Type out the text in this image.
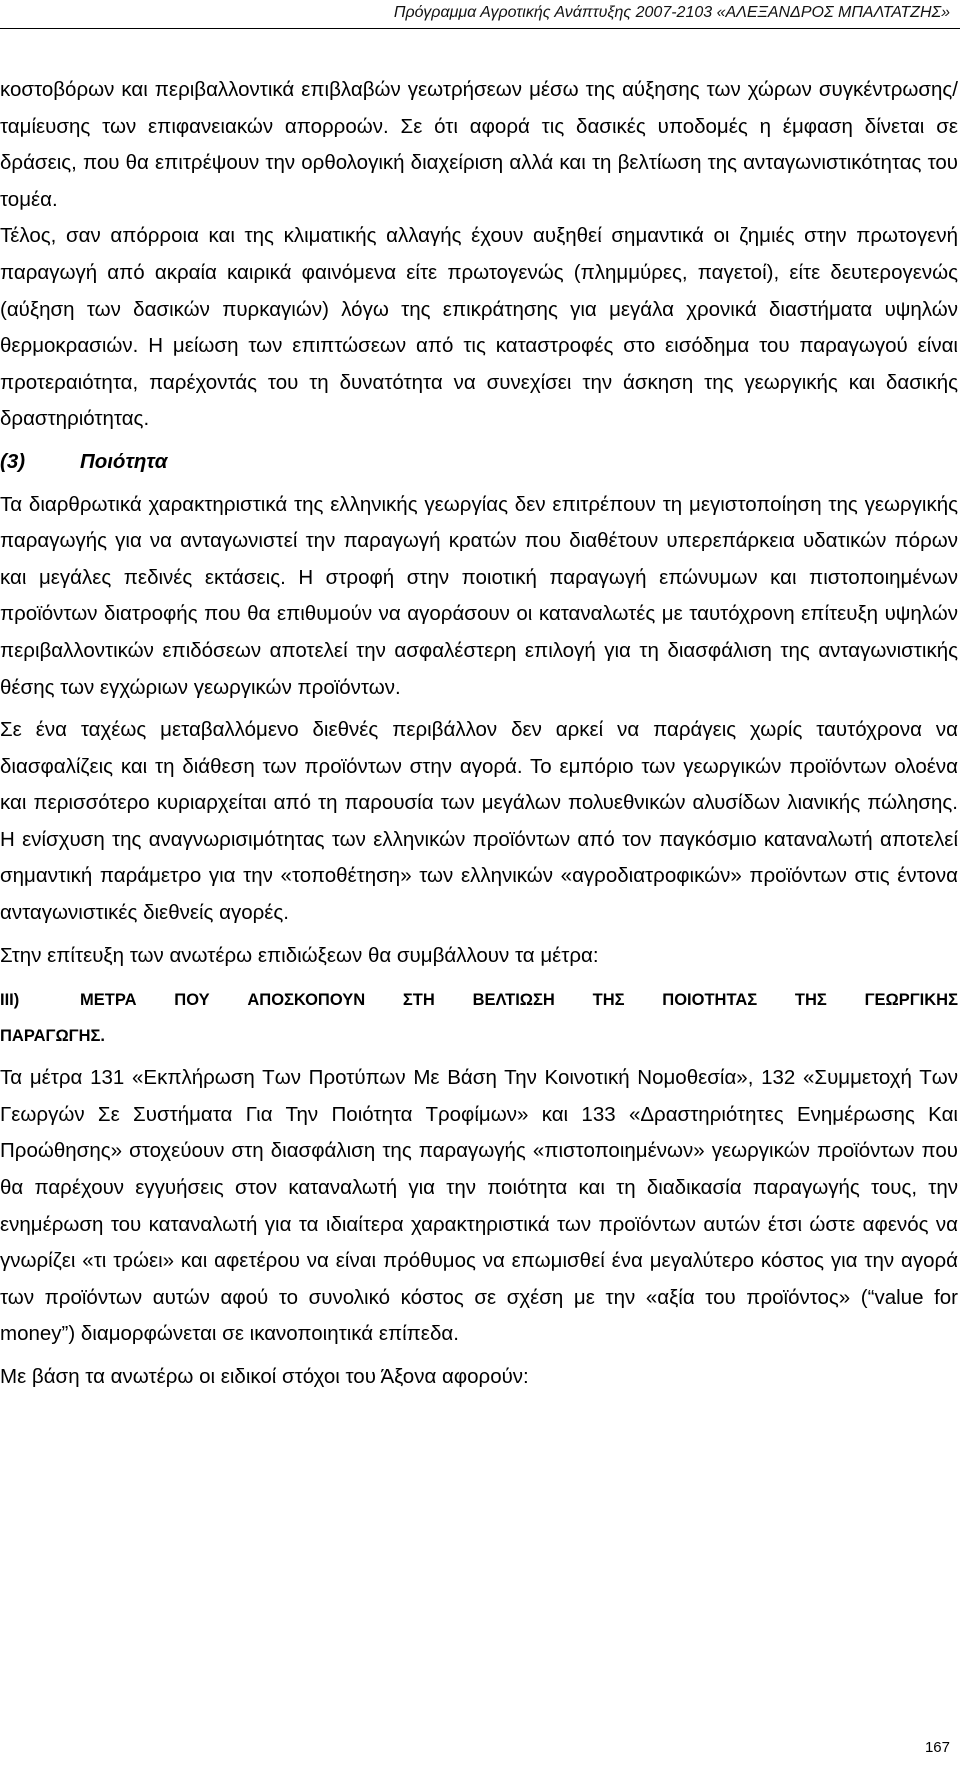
Πρόγραμμα Αγροτικής Ανάπτυξης 2007-2103 «ΑΛΕΞΑΝΔΡΟΣ ΜΠΑΛΤΑΤΖΗΣ»

κοστοβόρων και περιβαλλοντικά επιβλαβών γεωτρήσεων μέσω της αύξησης των χώρων συγκέντρωσης/ ταμίευσης των επιφανειακών απορροών. Σε ότι αφορά τις δασικές υποδομές η έμφαση δίνεται σε δράσεις, που θα επιτρέψουν την ορθολογική διαχείριση αλλά και τη βελτίωση της ανταγωνιστικότητας του τομέα.

Τέλος, σαν απόρροια και της κλιματικής αλλαγής έχουν αυξηθεί σημαντικά οι ζημιές στην πρωτογενή παραγωγή από ακραία καιρικά φαινόμενα είτε πρωτογενώς (πλημμύρες, παγετοί), είτε δευτερογενώς (αύξηση των δασικών πυρκαγιών) λόγω της επικράτησης για μεγάλα χρονικά διαστήματα υψηλών θερμοκρασιών. Η μείωση των επιπτώσεων από τις καταστροφές στο εισόδημα του παραγωγού είναι προτεραιότητα, παρέχοντάς του τη δυνατότητα να συνεχίσει την άσκηση της γεωργικής και δασικής δραστηριότητας.

(3)	Ποιότητα

Τα διαρθρωτικά χαρακτηριστικά της ελληνικής γεωργίας δεν επιτρέπουν τη μεγιστοποίηση της γεωργικής παραγωγής για να ανταγωνιστεί την παραγωγή κρατών που διαθέτουν υπερεπάρκεια υδατικών πόρων και μεγάλες πεδινές εκτάσεις. Η στροφή στην ποιοτική παραγωγή επώνυμων και πιστοποιημένων προϊόντων διατροφής που θα επιθυμούν να αγοράσουν οι καταναλωτές με ταυτόχρονη επίτευξη υψηλών περιβαλλοντικών επιδόσεων αποτελεί την ασφαλέστερη επιλογή για τη διασφάλιση της ανταγωνιστικής θέσης των εγχώριων γεωργικών προϊόντων.

Σε ένα ταχέως μεταβαλλόμενο διεθνές περιβάλλον δεν αρκεί να παράγεις χωρίς ταυτόχρονα να διασφαλίζεις και τη διάθεση των προϊόντων στην αγορά. Το εμπόριο των γεωργικών προϊόντων ολοένα και περισσότερο κυριαρχείται από τη παρουσία των μεγάλων πολυεθνικών αλυσίδων λιανικής πώλησης. Η ενίσχυση της αναγνωρισιμότητας των ελληνικών προϊόντων από τον παγκόσμιο καταναλωτή αποτελεί σημαντική παράμετρο για την «τοποθέτηση» των ελληνικών «αγροδιατροφικών» προϊόντων στις έντονα ανταγωνιστικές διεθνείς αγορές.

Στην επίτευξη των ανωτέρω επιδιώξεων θα συμβάλλουν τα μέτρα:

III)	ΜΕΤΡΑ ΠΟΥ ΑΠΟΣΚΟΠΟΥΝ ΣΤΗ ΒΕΛΤΙΩΣΗ ΤΗΣ ΠΟΙΟΤΗΤΑΣ ΤΗΣ ΓΕΩΡΓΙΚΗΣ
ΠΑΡΑΓΩΓΗΣ.

Τα μέτρα 131 «Εκπλήρωση Των Προτύπων Με Βάση Την Κοινοτική Νομοθεσία», 132 «Συμμετοχή Των Γεωργών Σε Συστήματα Για Την Ποιότητα Τροφίμων» και 133 «Δραστηριότητες Ενημέρωσης Και Προώθησης» στοχεύουν στη διασφάλιση της παραγωγής «πιστοποιημένων» γεωργικών προϊόντων που θα παρέχουν εγγυήσεις στον καταναλωτή για την ποιότητα και τη διαδικασία παραγωγής τους, την ενημέρωση του καταναλωτή για τα ιδιαίτερα χαρακτηριστικά των προϊόντων αυτών έτσι ώστε αφενός να γνωρίζει «τι τρώει» και αφετέρου να είναι πρόθυμος να επωμισθεί ένα μεγαλύτερο κόστος για την αγορά των προϊόντων αυτών αφού το συνολικό κόστος σε σχέση με την «αξία του προϊόντος» (“value for money”) διαμορφώνεται σε ικανοποιητικά επίπεδα.

Με βάση τα ανωτέρω οι ειδικοί στόχοι του Άξονα αφορούν:

167
